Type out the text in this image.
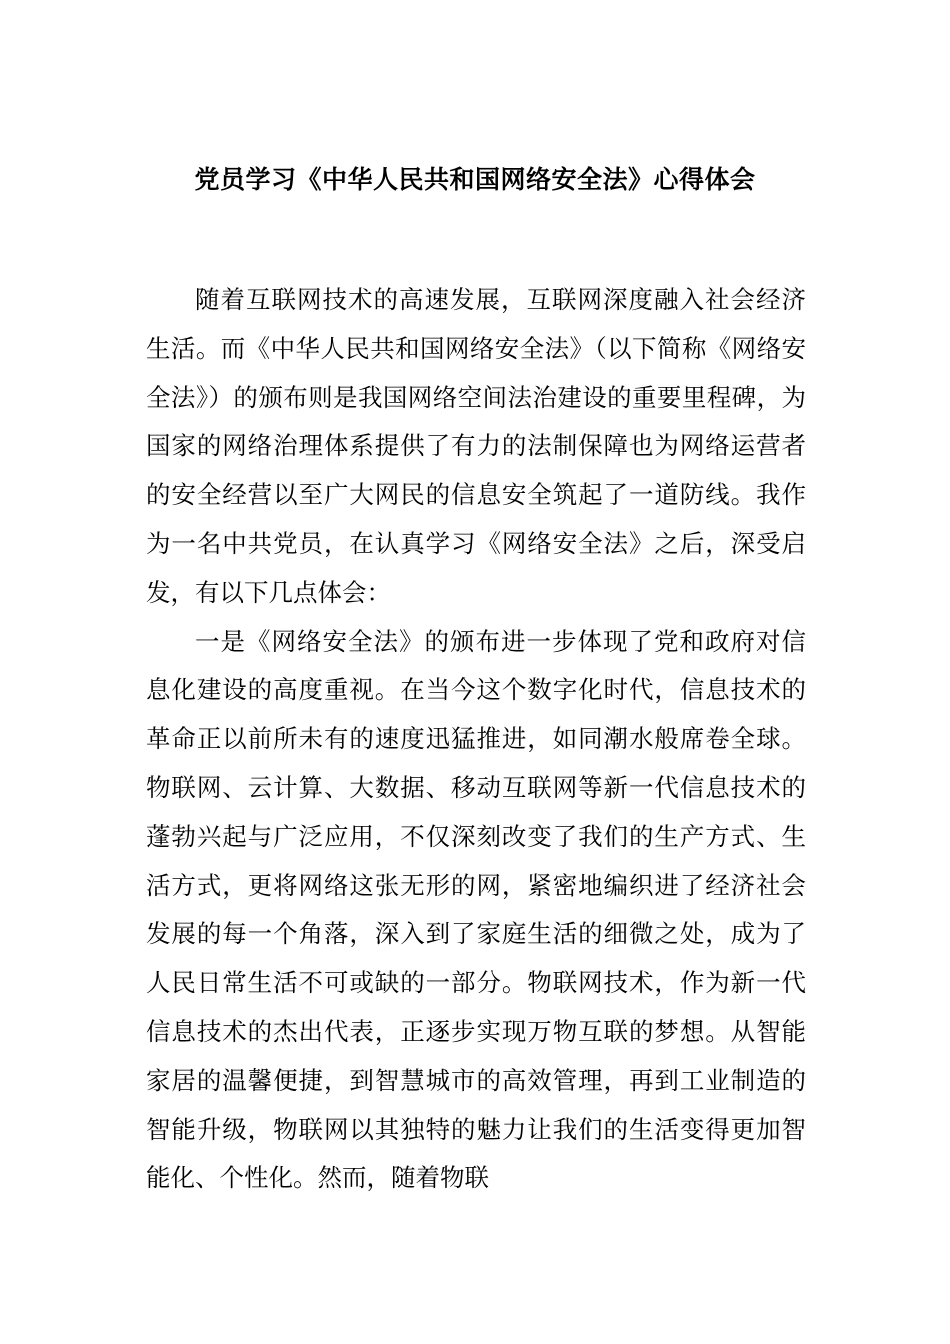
党员学习《中华人民共和国网络安全法》心得体会

随着互联网技术的高速发展，互联网深度融入社会经济生活。而《中华人民共和国网络安全法》（以下简称《网络安全法》）的颁布则是我国网络空间法治建设的重要里程碑，为国家的网络治理体系提供了有力的法制保障也为网络运营者的安全经营以至广大网民的信息安全筑起了一道防线。我作为一名中共党员，在认真学习《网络安全法》之后，深受启发，有以下几点体会：

一是《网络安全法》的颁布进一步体现了党和政府对信息化建设的高度重视。在当今这个数字化时代，信息技术的革命正以前所未有的速度迅猛推进，如同潮水般席卷全球。物联网、云计算、大数据、移动互联网等新一代信息技术的蓬勃兴起与广泛应用，不仅深刻改变了我们的生产方式、生活方式，更将网络这张无形的网，紧密地编织进了经济社会发展的每一个角落，深入到了家庭生活的细微之处，成为了人民日常生活不可或缺的一部分。物联网技术，作为新一代信息技术的杰出代表，正逐步实现万物互联的梦想。从智能家居的温馨便捷，到智慧城市的高效管理，再到工业制造的智能升级，物联网以其独特的魅力让我们的生活变得更加智能化、个性化。然而，随着物联
